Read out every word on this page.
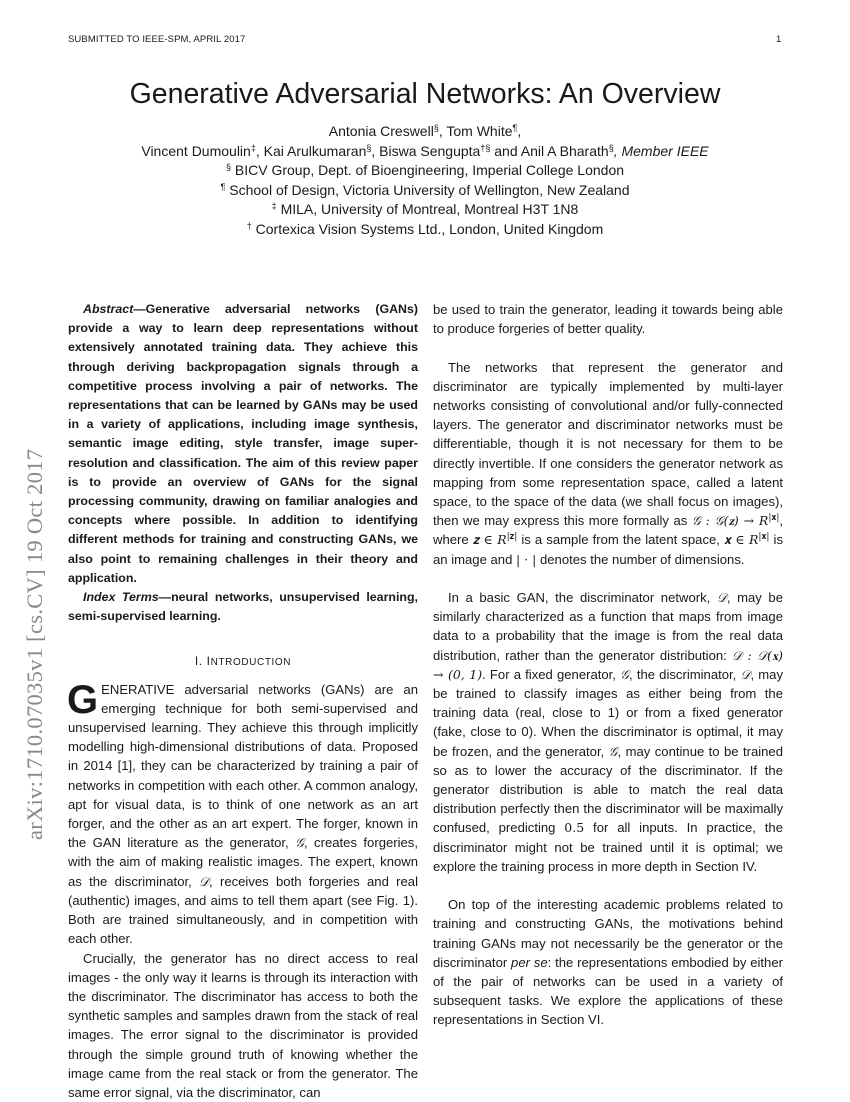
SUBMITTED TO IEEE-SPM, APRIL 2017	1
Generative Adversarial Networks: An Overview
Antonia Creswell§, Tom White¶,
Vincent Dumoulin‡, Kai Arulkumaran§, Biswa Sengupta†§ and Anil A Bharath§, Member IEEE
§ BICV Group, Dept. of Bioengineering, Imperial College London
¶ School of Design, Victoria University of Wellington, New Zealand
‡ MILA, University of Montreal, Montreal H3T 1N8
† Cortexica Vision Systems Ltd., London, United Kingdom
arXiv:1710.07035v1 [cs.CV] 19 Oct 2017

Abstract—Generative adversarial networks (GANs) provide a way to learn deep representations without extensively annotated training data. They achieve this through deriving backpropagation signals through a competitive process involving a pair of networks. The representations that can be learned by GANs may be used in a variety of applications, including image synthesis, semantic image editing, style transfer, image super-resolution and classification. The aim of this review paper is to provide an overview of GANs for the signal processing community, drawing on familiar analogies and concepts where possible. In addition to identifying different methods for training and constructing GANs, we also point to remaining challenges in their theory and application.

Index Terms—neural networks, unsupervised learning, semi-supervised learning.

I. INTRODUCTION

GENERATIVE adversarial networks (GANs) are an emerging technique for both semi-supervised and unsupervised learning. They achieve this through implicitly modelling high-dimensional distributions of data. Proposed in 2014 [1], they can be characterized by training a pair of networks in competition with each other. A common analogy, apt for visual data, is to think of one network as an art forger, and the other as an art expert. The forger, known in the GAN literature as the generator, 𝒢, creates forgeries, with the aim of making realistic images. The expert, known as the discriminator, 𝒟, receives both forgeries and real (authentic) images, and aims to tell them apart (see Fig. 1). Both are trained simultaneously, and in competition with each other.

Crucially, the generator has no direct access to real images - the only way it learns is through its interaction with the discriminator. The discriminator has access to both the synthetic samples and samples drawn from the stack of real images. The error signal to the discriminator is provided through the simple ground truth of knowing whether the image came from the real stack or from the generator. The same error signal, via the discriminator, can

be used to train the generator, leading it towards being able to produce forgeries of better quality.

The networks that represent the generator and discriminator are typically implemented by multi-layer networks consisting of convolutional and/or fully-connected layers. The generator and discriminator networks must be differentiable, though it is not necessary for them to be directly invertible. If one considers the generator network as mapping from some representation space, called a latent space, to the space of the data (we shall focus on images), then we may express this more formally as 𝒢 : 𝒢(𝐳) → $R^{|𝐱|}$, where 𝐳 ∈ $R^{|𝐳|}$ is a sample from the latent space, 𝐱 ∈ $R^{|𝐱|}$ is an image and | · | denotes the number of dimensions.

In a basic GAN, the discriminator network, 𝒟, may be similarly characterized as a function that maps from image data to a probability that the image is from the real data distribution, rather than the generator distribution: 𝒟 : 𝒟(𝐱) → (0, 1). For a fixed generator, 𝒢, the discriminator, 𝒟, may be trained to classify images as either being from the training data (real, close to 1) or from a fixed generator (fake, close to 0). When the discriminator is optimal, it may be frozen, and the generator, 𝒢, may continue to be trained so as to lower the accuracy of the discriminator. If the generator distribution is able to match the real data distribution perfectly then the discriminator will be maximally confused, predicting 0.5 for all inputs. In practice, the discriminator might not be trained until it is optimal; we explore the training process in more depth in Section IV.

On top of the interesting academic problems related to training and constructing GANs, the motivations behind training GANs may not necessarily be the generator or the discriminator per se: the representations embodied by either of the pair of networks can be used in a variety of subsequent tasks. We explore the applications of these representations in Section VI.
